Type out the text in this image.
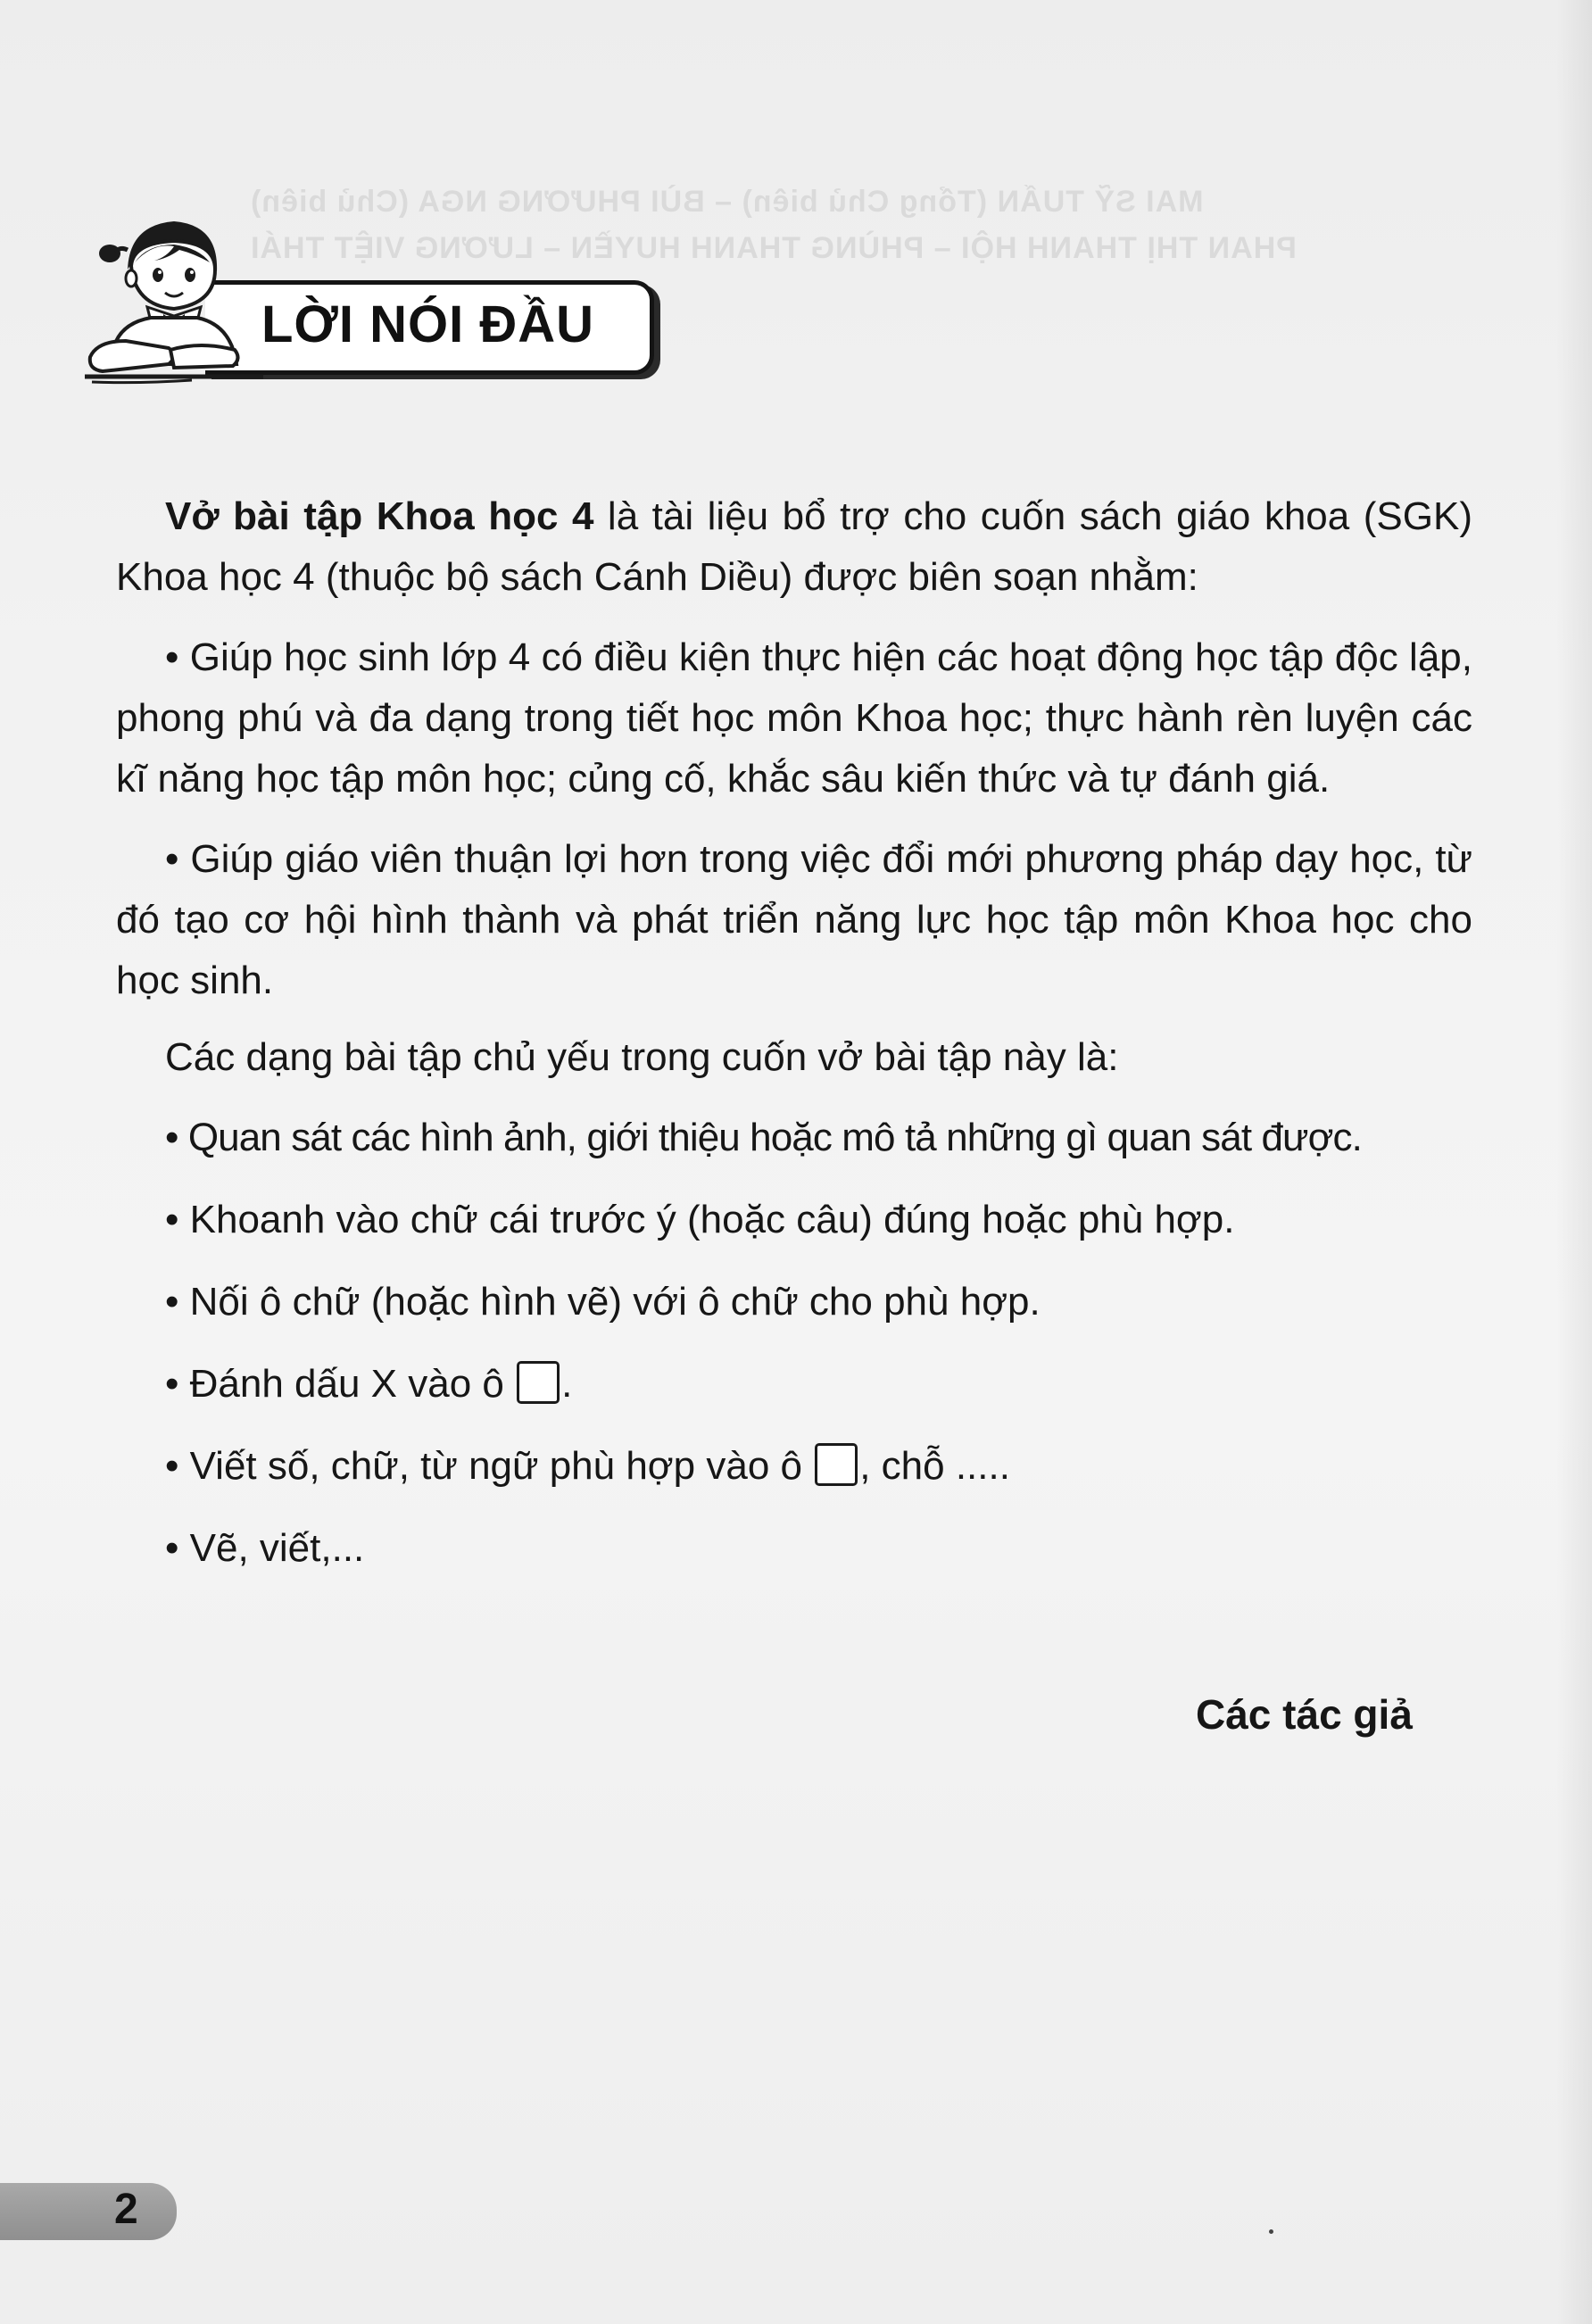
MAI SỸ TUẤN (Tổng Chủ biên) – BÙI PHƯƠNG NGA (Chủ biên)
PHAN THỊ THANH HỘI – PHÙNG THANH HUYỀN – LƯƠNG VIỆT THÁI
LỜI NÓI ĐẦU

Vở bài tập Khoa học 4 là tài liệu bổ trợ cho cuốn sách giáo khoa (SGK) Khoa học 4 (thuộc bộ sách Cánh Diều) được biên soạn nhằm:

• Giúp học sinh lớp 4 có điều kiện thực hiện các hoạt động học tập độc lập, phong phú và đa dạng trong tiết học môn Khoa học; thực hành rèn luyện các kĩ năng học tập môn học; củng cố, khắc sâu kiến thức và tự đánh giá.

• Giúp giáo viên thuận lợi hơn trong việc đổi mới phương pháp dạy học, từ đó tạo cơ hội hình thành và phát triển năng lực học tập môn Khoa học cho học sinh.

Các dạng bài tập chủ yếu trong cuốn vở bài tập này là:

• Quan sát các hình ảnh, giới thiệu hoặc mô tả những gì quan sát được.
• Khoanh vào chữ cái trước ý (hoặc câu) đúng hoặc phù hợp.
• Nối ô chữ (hoặc hình vẽ) với ô chữ cho phù hợp.
• Đánh dấu X vào ô .
• Viết số, chữ, từ ngữ phù hợp vào ô , chỗ .....
• Vẽ, viết,...
Các tác giả
2
